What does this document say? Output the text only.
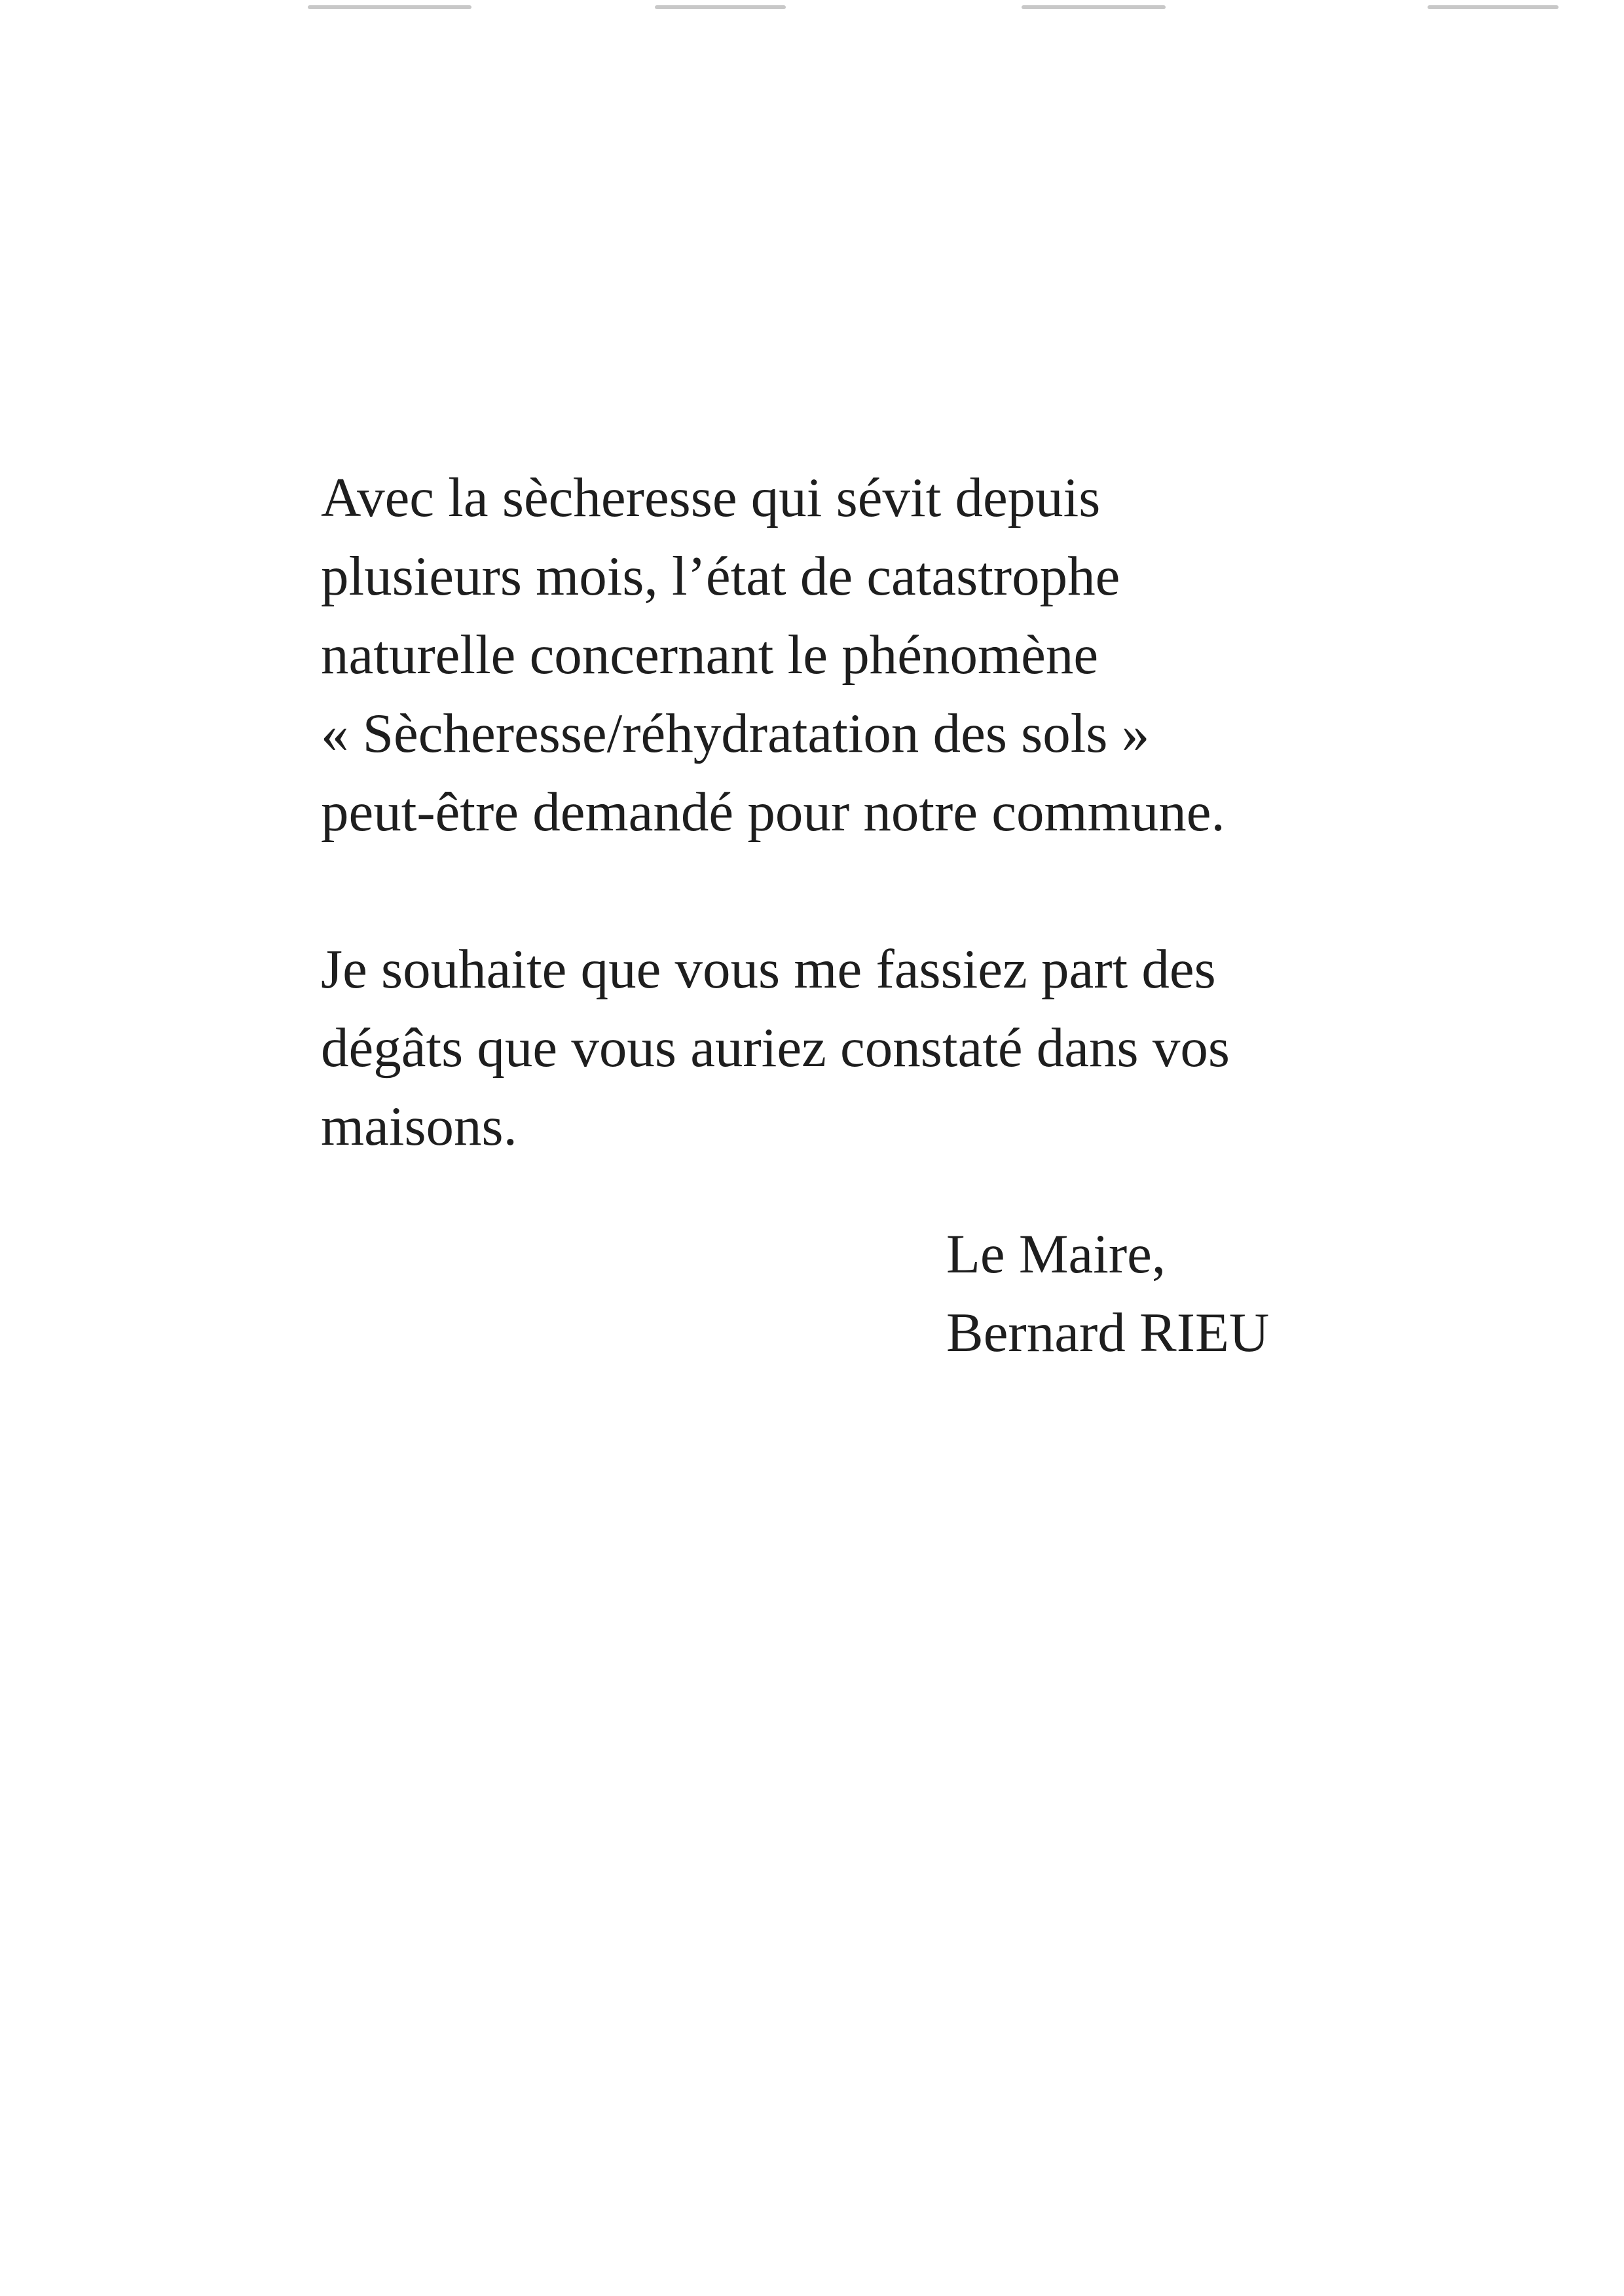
Avec la sècheresse qui sévit depuis
plusieurs mois, l’état de catastrophe
naturelle concernant le phénomène
« Sècheresse/réhydratation des sols »
peut-être demandé pour notre commune.

Je souhaite que vous me fassiez part des
dégâts que vous auriez constaté dans vos
maisons.

Le Maire,
Bernard RIEU
